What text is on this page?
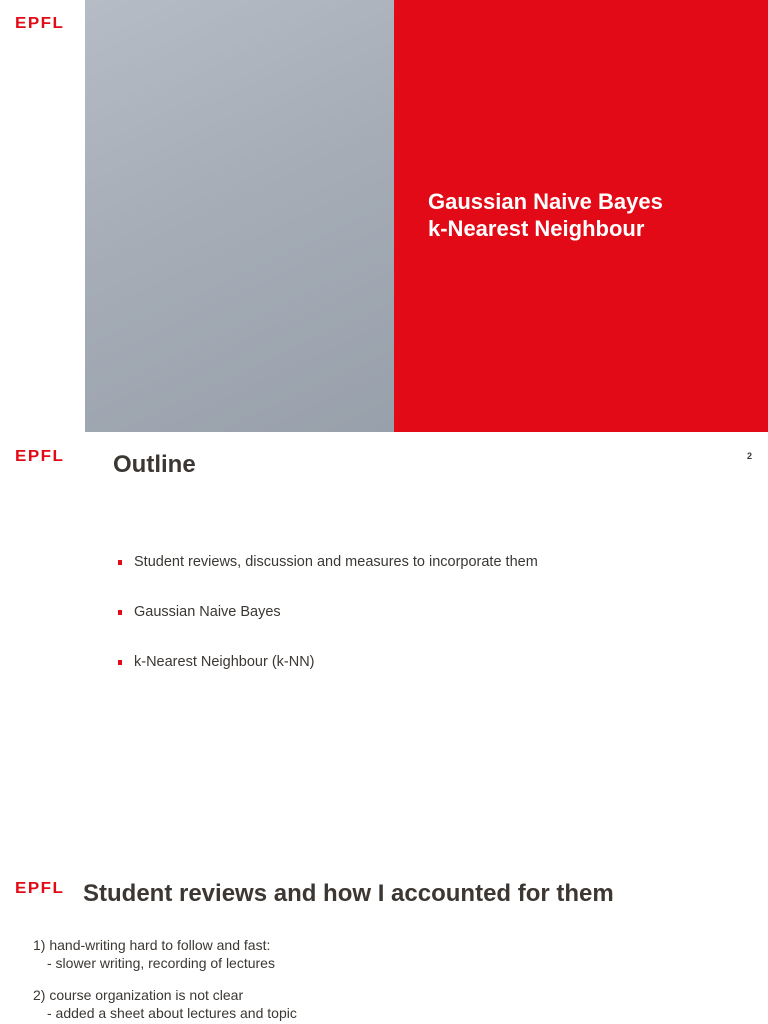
EPFL
Gaussian Naive Bayes
k-Nearest Neighbour
EPFL Outline	2
Student reviews, discussion and measures to incorporate them
Gaussian Naive Bayes
k-Nearest Neighbour (k-NN)
EPFL Student reviews and how I accounted for them
1) hand-writing hard to follow and fast:
- slower writing, recording of lectures
2) course organization is not clear
- added a sheet about lectures and topic
